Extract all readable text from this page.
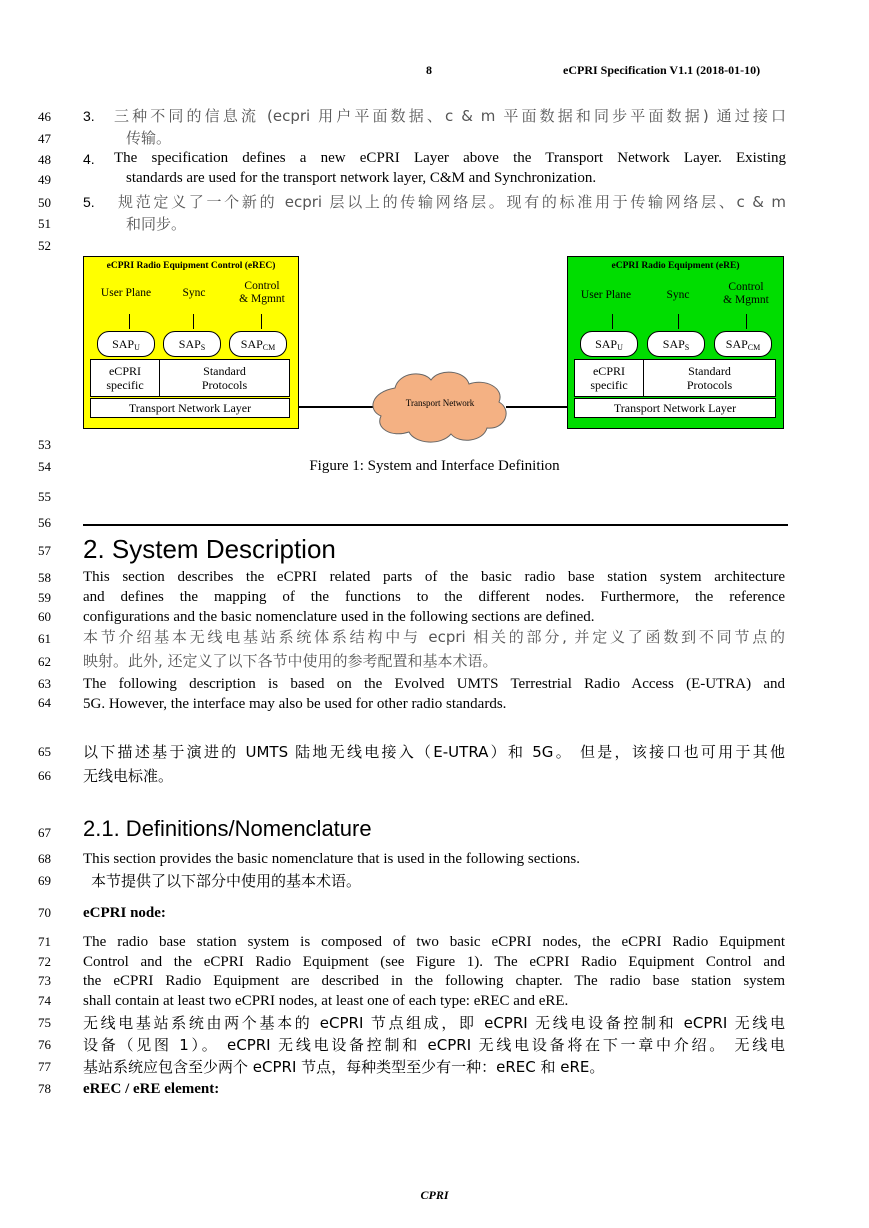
8	eCPRI Specification V1.1 (2018-01-10)
46
47
48
49
50
51
52
53
54
55
56
57
58
59
60
61
62
63
64
65
66
67
68
69
70
71
72
73
74
75
76
77
78
3. 三种不同的信息流 (ecpri 用户平面数据、c & m 平面数据和同步平面数据) 通过接口
传输。
4. The specification defines a new eCPRI Layer above the Transport Network Layer. Existing
standards are used for the transport network layer, C&M and Synchronization.
5. 规范定义了一个新的 ecpri 层以上的传输网络层。现有的标准用于传输网络层、c & m
和同步。
eCPRI Radio Equipment Control (eREC)
User Plane	Sync
Control
& Mgmnt
$SAP_U$	$SAP_S$	$SAP_{CM}$
eCPRI
specific
Standard
Protocols
Transport Network Layer	Transport Network
eCPRI Radio Equipment (eRE)
User Plane	Sync
Control
& Mgmnt
$SAP_U$	$SAP_S$	$SAP_{CM}$
eCPRI
specific
Standard
Protocols
Transport Network Layer
Figure 1: System and Interface Definition
2. System Description
This section describes the eCPRI related parts of the basic radio base station system architecture
and defines the mapping of the functions to the different nodes. Furthermore, the reference
configurations and the basic nomenclature used in the following sections are defined.
本节介绍基本无线电基站系统体系结构中与 ecpri 相关的部分, 并定义了函数到不同节点的
映射。此外, 还定义了以下各节中使用的参考配置和基本术语。
The following description is based on the Evolved UMTS Terrestrial Radio Access (E-UTRA) and
5G. However, the interface may also be used for other radio standards.
以下描述基于演进的 UMTS 陆地无线电接入（E-UTRA）和 5G。 但是，该接口也可用于其他
无线电标准。
2.1. Definitions/Nomenclature
This section provides the basic nomenclature that is used in the following sections.
本节提供了以下部分中使用的基本术语。
eCPRI node:
The radio base station system is composed of two basic eCPRI nodes, the eCPRI Radio Equipment
Control and the eCPRI Radio Equipment (see Figure 1). The eCPRI Radio Equipment Control and
the eCPRI Radio Equipment are described in the following chapter. The radio base station system
shall contain at least two eCPRI nodes, at least one of each type: eREC and eRE.
无线电基站系统由两个基本的 eCPRI 节点组成，即 eCPRI 无线电设备控制和 eCPRI 无线电
设备（见图 1）。 eCPRI 无线电设备控制和 eCPRI 无线电设备将在下一章中介绍。 无线电
基站系统应包含至少两个 eCPRI 节点，每种类型至少有一种：eREC 和 eRE。
eREC / eRE element:
CPRI
